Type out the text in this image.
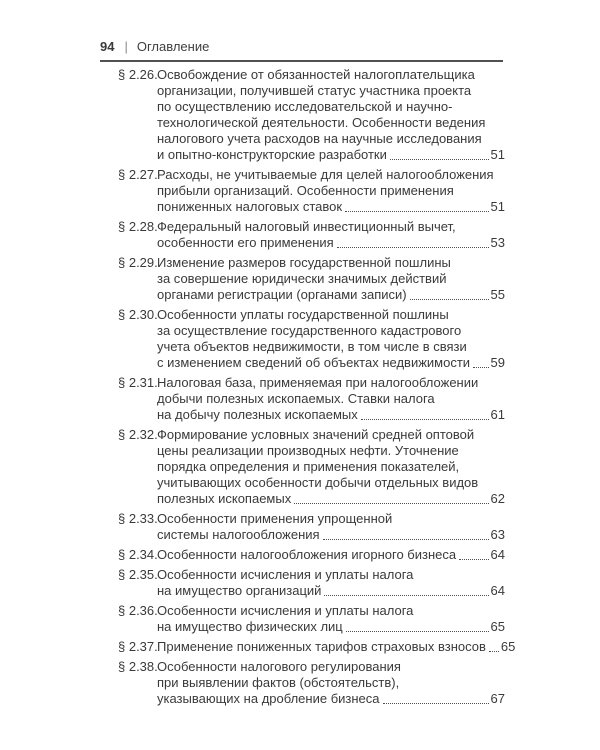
94 | Оглавление
§ 2.26. Освобождение от обязанностей налогоплательщика
организации, получившей статус участника проекта
по осуществлению исследовательской и научно-
технологической деятельности. Особенности ведения
налогового учета расходов на научные исследования
и опытно-конструкторские разработки	51
§ 2.27. Расходы, не учитываемые для целей налогообложения
прибыли организаций. Особенности применения
пониженных налоговых ставок	51
§ 2.28. Федеральный налоговый инвестиционный вычет,
особенности его применения	53
§ 2.29. Изменение размеров государственной пошлины
за совершение юридически значимых действий
органами регистрации (органами записи)	55
§ 2.30. Особенности уплаты государственной пошлины
за осуществление государственного кадастрового
учета объектов недвижимости, в том числе в связи
с изменением сведений об объектах недвижимости 59
§ 2.31. Налоговая база, применяемая при налогообложении
добычи полезных ископаемых. Ставки налога
на добычу полезных ископаемых	61
§ 2.32. Формирование условных значений средней оптовой
цены реализации производных нефти. Уточнение
порядка определения и применения показателей,
учитывающих особенности добычи отдельных видов
полезных ископаемых	62
§ 2.33. Особенности применения упрощенной
системы налогообложения	63
§ 2.34. Особенности налогообложения игорного бизнеса	64
§ 2.35. Особенности исчисления и уплаты налога
на имущество организаций	64
§ 2.36. Особенности исчисления и уплаты налога
на имущество физических лиц	65
§ 2.37. Применение пониженных тарифов страховых взносов 65
§ 2.38. Особенности налогового регулирования
при выявлении фактов (обстоятельств),
указывающих на дробление бизнеса	67
